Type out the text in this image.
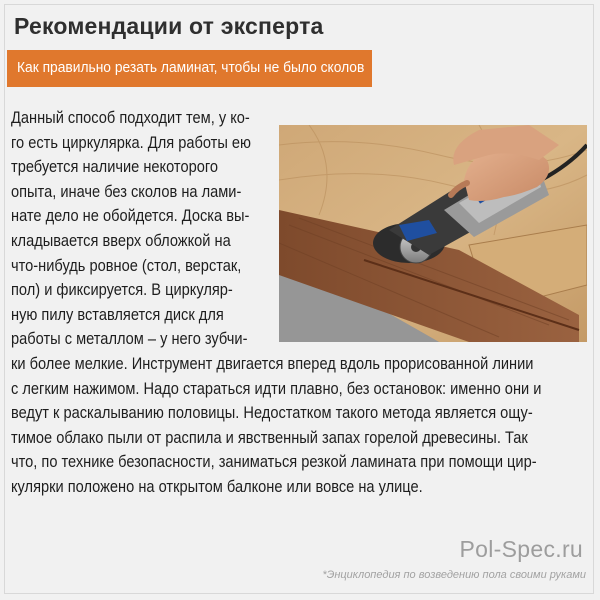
Рекомендации от эксперта
Как правильно резать ламинат, чтобы не было сколов
Данный способ подходит тем, у ко-
го есть циркулярка. Для работы ею
требуется наличие некоторого
опыта, иначе без сколов на лами-
нате дело не обойдется. Доска вы-
кладывается вверх обложкой на
что-нибудь ровное (стол, верстак,
пол) и фиксируется. В циркуляр-
ную пилу вставляется диск для
работы с металлом – у него зубчи-
ки более мелкие. Инструмент двигается вперед вдоль прорисованной линии
с легким нажимом. Надо стараться идти плавно, без остановок: именно они и
ведут к раскалыванию половицы. Недостатком такого метода является ощу-
тимое облако пыли от распила и явственный запах горелой древесины. Так
что, по технике безопасности, заниматься резкой ламината при помощи цир-
кулярки положено на открытом балконе или вовсе на улице.
Pol-Spec.ru
*Энциклопедия по возведению пола своими руками
